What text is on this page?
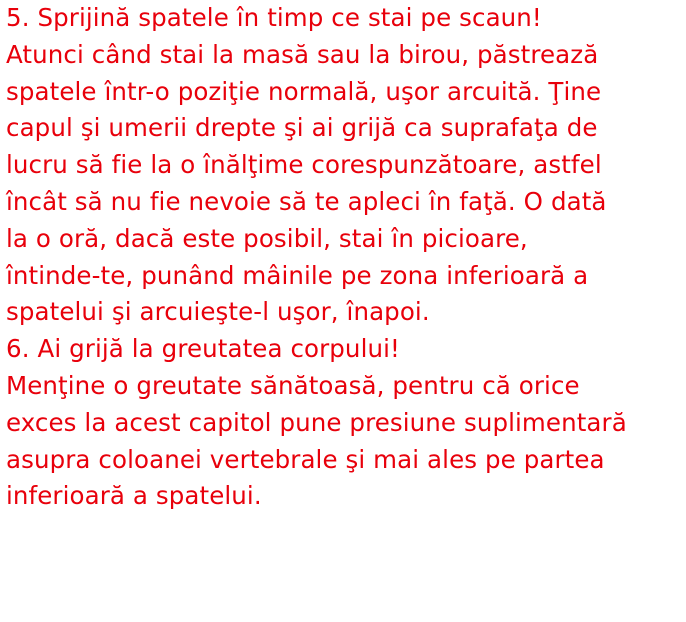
5. Sprijină spatele în timp ce stai pe scaun!
Atunci când stai la masă sau la birou, păstrează
spatele într-o poziţie normală, uşor arcuită. Ţine
capul şi umerii drepte şi ai grijă ca suprafaţa de
lucru să fie la o înălţime corespunzătoare, astfel
încât să nu fie nevoie să te apleci în faţă. O dată
la o oră, dacă este posibil, stai în picioare,
întinde-te, punând mâinile pe zona inferioară a
spatelui şi arcuieşte-l uşor, înapoi.
6. Ai grijă la greutatea corpului!
Menţine o greutate sănătoasă, pentru că orice
exces la acest capitol pune presiune suplimentară
asupra coloanei vertebrale şi mai ales pe partea
inferioară a spatelui.
